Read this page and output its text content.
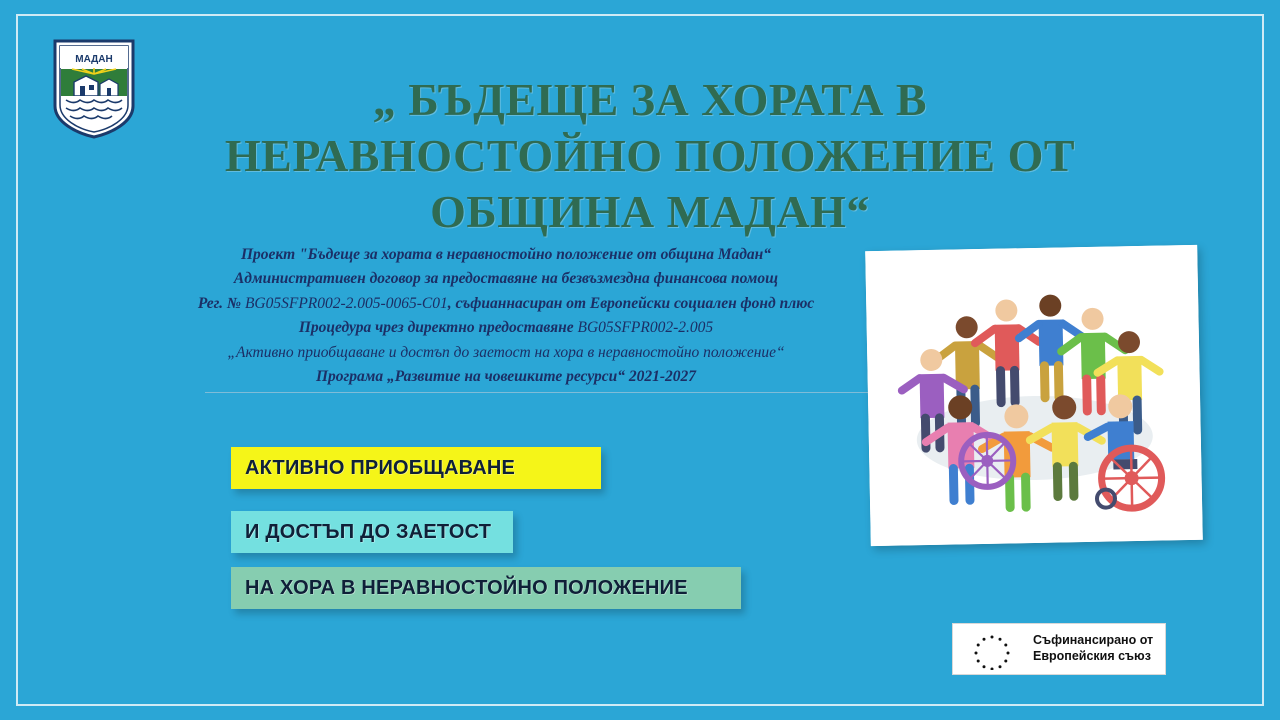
МАДАН
„ БЪДЕЩЕ ЗА ХОРАТА В НЕРАВНОСТОЙНО ПОЛОЖЕНИЕ ОТ ОБЩИНА МАДАН“
Проект "Бъдеще за хората в неравностойно положение от община Мадан“
Административен договор за предоставяне на безвъзмездна финансова помощ
Рег. № BG05SFPR002-2.005-0065-C01, съфианнасиран от Европейски социален фонд плюс
Процедура чрез директно предоставяне BG05SFPR002-2.005
„Активно приобщаване и достъп до заетост на хора в неравностойно положение“
Програма „Развитие на човешките ресурси“ 2021-2027
АКТИВНО ПРИОБЩАВАНЕ
И ДОСТЪП ДО ЗАЕТОСТ
НА ХОРА В НЕРАВНОСТОЙНО ПОЛОЖЕНИЕ
Съфинансирано от
Европейския съюз
